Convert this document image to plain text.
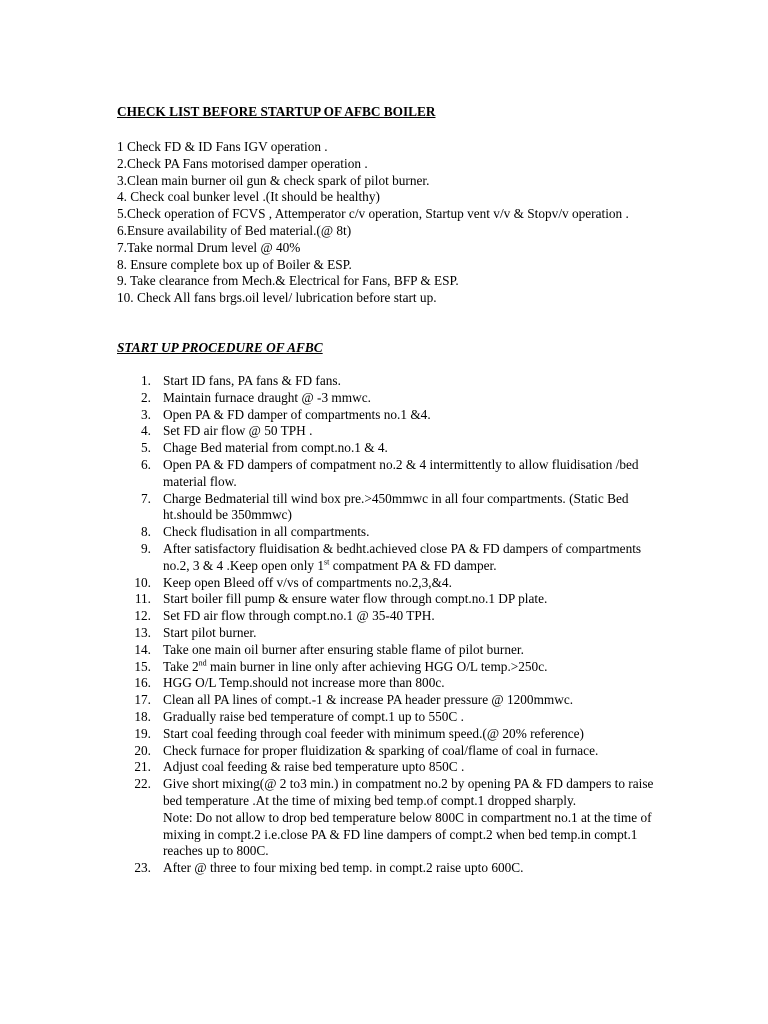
CHECK LIST BEFORE STARTUP OF AFBC BOILER
1 Check FD & ID Fans IGV operation .
2.Check PA Fans motorised damper operation .
3.Clean main burner oil gun & check spark of pilot burner.
4. Check coal bunker level .(It should be healthy)
5.Check operation of FCVS , Attemperator c/v operation, Startup vent v/v & Stopv/v operation .
6.Ensure availability of Bed material.(@ 8t)
7.Take normal Drum level @ 40%
8. Ensure complete box up of Boiler & ESP.
9. Take clearance from Mech.& Electrical for Fans, BFP & ESP.
10. Check All fans brgs.oil level/ lubrication before start up.
START UP PROCEDURE OF AFBC
1. Start ID fans, PA fans & FD fans.
2. Maintain furnace draught @ -3 mmwc.
3. Open PA & FD damper of compartments no.1 &4.
4. Set FD air flow @ 50 TPH .
5. Chage Bed material from compt.no.1 & 4.
6. Open PA & FD dampers of compatment no.2 & 4 intermittently to allow fluidisation /bed material flow.
7. Charge Bedmaterial till wind box pre.>450mmwc in all four compartments. (Static Bed ht.should be 350mmwc)
8. Check fludisation in all compartments.
9. After satisfactory fluidisation & bedht.achieved close PA & FD dampers of compartments no.2, 3 & 4 .Keep open only 1st compatment PA & FD damper.
10. Keep open Bleed off v/vs of compartments no.2,3,&4.
11. Start boiler fill pump & ensure water flow through compt.no.1 DP plate.
12. Set FD air flow through compt.no.1 @ 35-40 TPH.
13. Start pilot burner.
14. Take one main oil burner after ensuring stable flame of pilot burner.
15. Take 2nd main burner in line only after achieving HGG O/L temp.>250c.
16. HGG O/L Temp.should not increase more than 800c.
17. Clean all PA lines of compt.-1 & increase PA header pressure @ 1200mmwc.
18. Gradually raise bed temperature of compt.1 up to 550C .
19. Start coal feeding through coal feeder with minimum speed.(@ 20% reference)
20. Check furnace for proper fluidization & sparking of coal/flame of coal in furnace.
21. Adjust coal feeding & raise bed temperature upto 850C .
22. Give short mixing(@ 2 to3 min.) in compatment no.2 by opening PA & FD dampers to raise bed temperature .At the time of mixing bed temp.of compt.1 dropped sharply.
Note: Do not allow to drop bed temperature below 800C in compartment no.1 at the time of mixing in compt.2 i.e.close PA & FD line dampers of compt.2 when bed temp.in compt.1 reaches up to 800C.
23. After @ three to four mixing bed temp. in compt.2 raise upto 600C.
